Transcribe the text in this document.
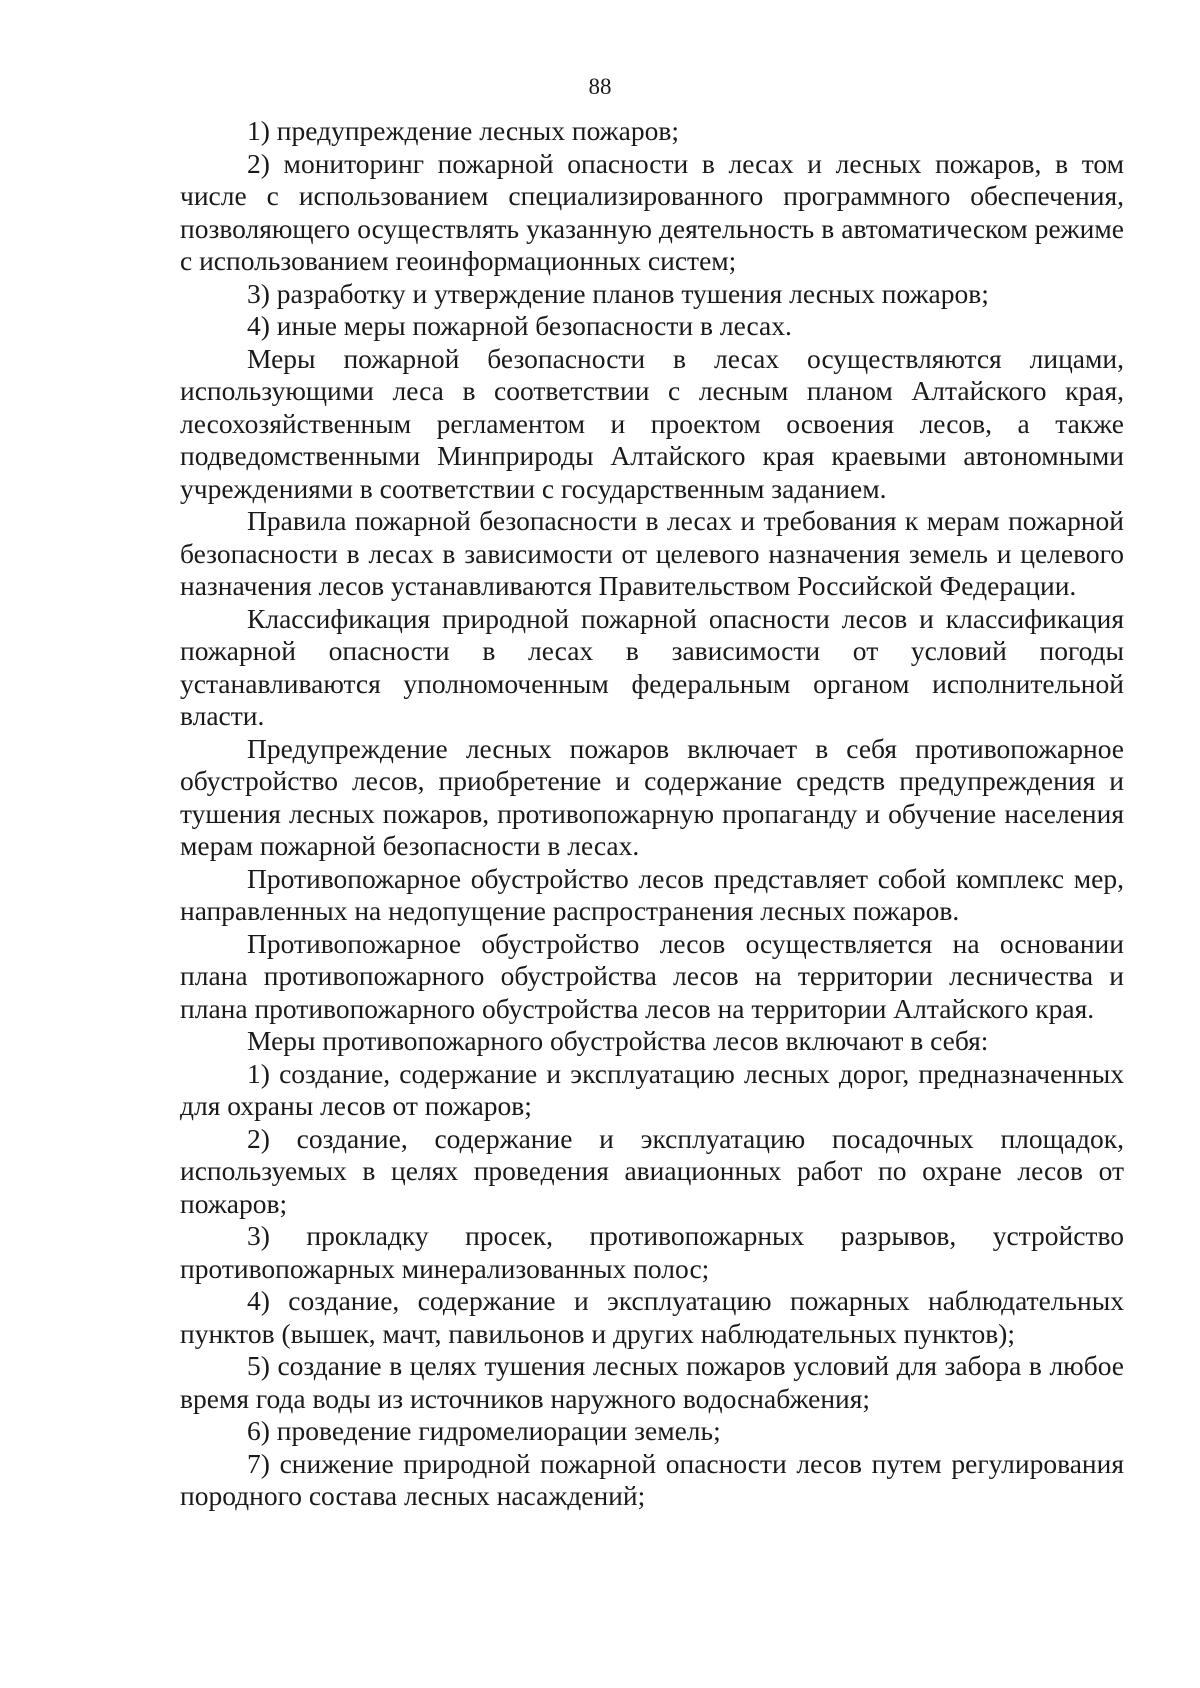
88

1) предупреждение лесных пожаров;

2) мониторинг пожарной опасности в лесах и лесных пожаров, в том числе с использованием специализированного программного обеспечения, позволяющего осуществлять указанную деятельность в автоматическом режиме с использованием геоинформационных систем;

3) разработку и утверждение планов тушения лесных пожаров;

4) иные меры пожарной безопасности в лесах.

Меры пожарной безопасности в лесах осуществляются лицами, использующими леса в соответствии с лесным планом Алтайского края, лесохозяйственным регламентом и проектом освоения лесов, а также подведомственными Минприроды Алтайского края краевыми автономными учреждениями в соответствии с государственным заданием.

Правила пожарной безопасности в лесах и требования к мерам пожарной безопасности в лесах в зависимости от целевого назначения земель и целевого назначения лесов устанавливаются Правительством Российской Федерации.

Классификация природной пожарной опасности лесов и классификация пожарной опасности в лесах в зависимости от условий погоды устанавливаются уполномоченным федеральным органом исполнительной власти.

Предупреждение лесных пожаров включает в себя противопожарное обустройство лесов, приобретение и содержание средств предупреждения и тушения лесных пожаров, противопожарную пропаганду и обучение населения мерам пожарной безопасности в лесах.

Противопожарное обустройство лесов представляет собой комплекс мер, направленных на недопущение распространения лесных пожаров.

Противопожарное обустройство лесов осуществляется на основании плана противопожарного обустройства лесов на территории лесничества и плана противопожарного обустройства лесов на территории Алтайского края.

Меры противопожарного обустройства лесов включают в себя:

1) создание, содержание и эксплуатацию лесных дорог, предназначенных для охраны лесов от пожаров;

2) создание, содержание и эксплуатацию посадочных площадок, используемых в целях проведения авиационных работ по охране лесов от пожаров;

3) прокладку просек, противопожарных разрывов, устройство противопожарных минерализованных полос;

4) создание, содержание и эксплуатацию пожарных наблюдательных пунктов (вышек, мачт, павильонов и других наблюдательных пунктов);

5) создание в целях тушения лесных пожаров условий для забора в любое время года воды из источников наружного водоснабжения;

6) проведение гидромелиорации земель;

7) снижение природной пожарной опасности лесов путем регулирования породного состава лесных насаждений;
